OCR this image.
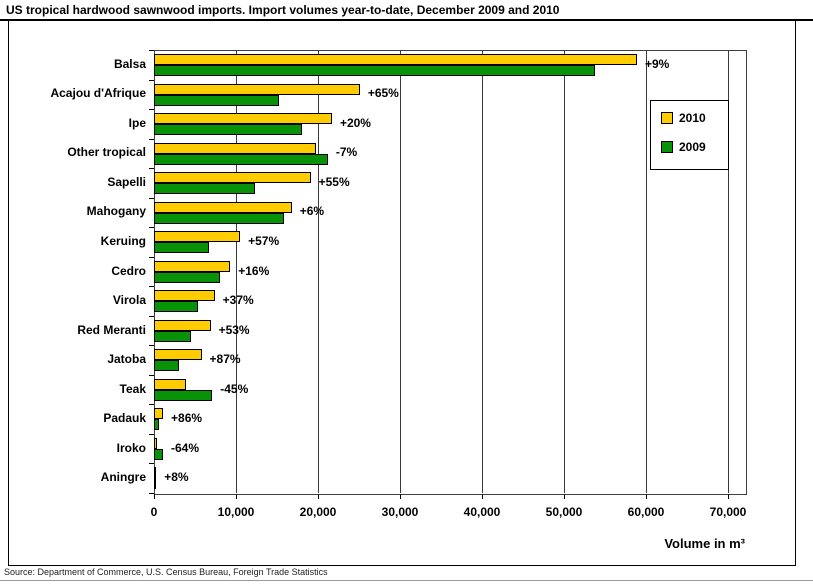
US tropical hardwood sawnwood imports. Import volumes year-to-date, December 2009 and 2010
0	10,000	20,000	30,000	40,000	50,000	60,000	70,000
Balsa	+9%
Acajou d'Afrique	+65%
Ipe	+20%
Other tropical	-7%
Sapelli	+55%
Mahogany	+6%
Keruing	+57%
Cedro	+16%
Virola	+37%
Red Meranti	+53%
Jatoba	+87%
Teak	-45%
Padauk +86%
Iroko -64%
Aningre +8%
2010
2009
Volume in m³
Source: Department of Commerce, U.S. Census Bureau, Foreign Trade Statistics
